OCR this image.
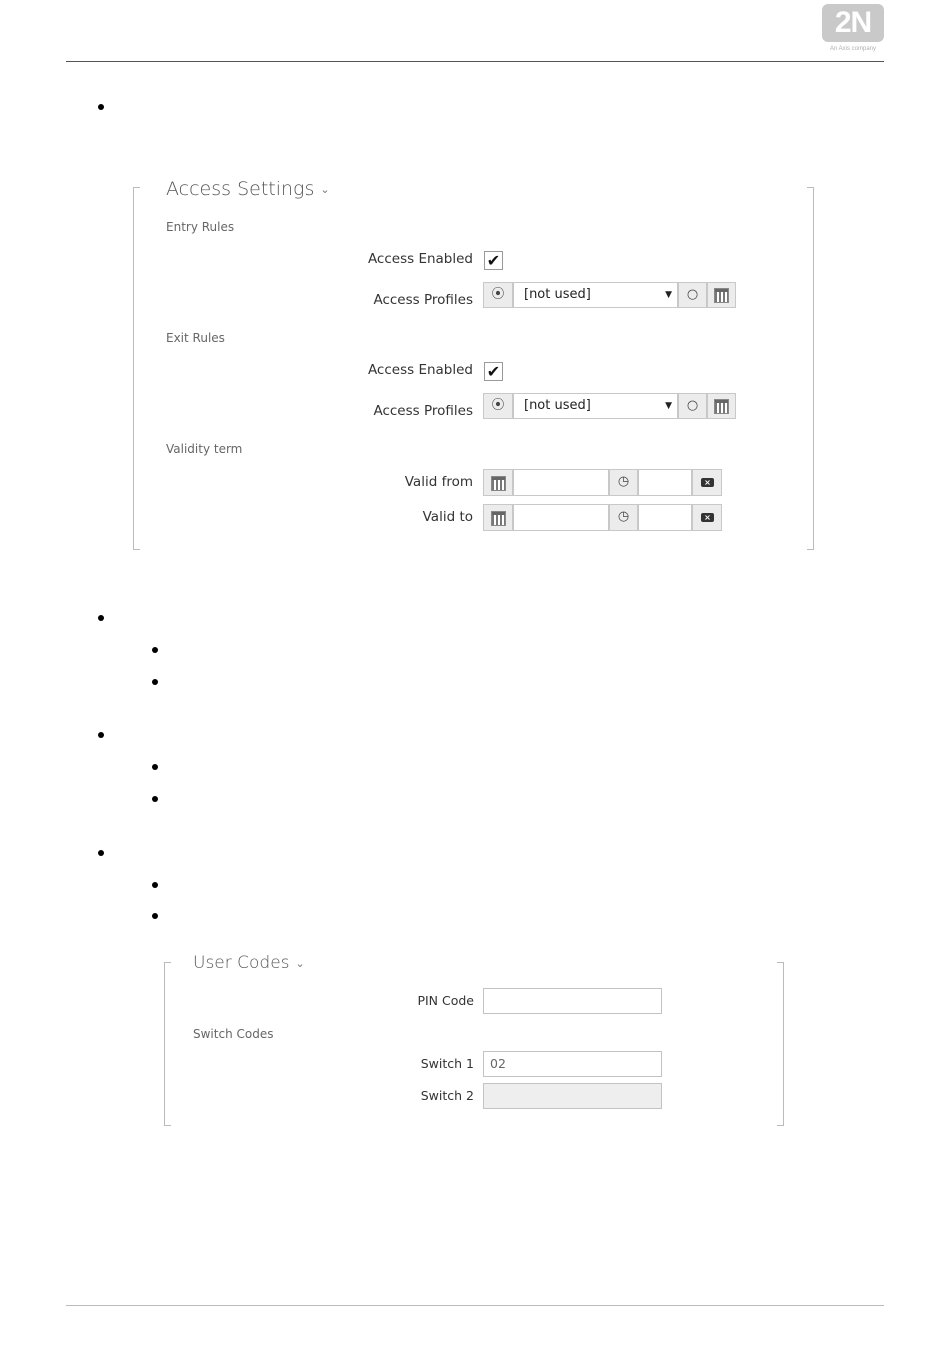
2N
An Axis company
Access Settings ⌄
Entry Rules
Access Enabled ✔
Access Profiles	⦿	[not used]	▼	○
Exit Rules
Access Enabled ✔
Access Profiles	⦿	[not used]	▼	○
Validity term
Valid from	◷	×
Valid to	◷	×
User Codes ⌄
PIN Code
Switch Codes
Switch 1	02
Switch 2
